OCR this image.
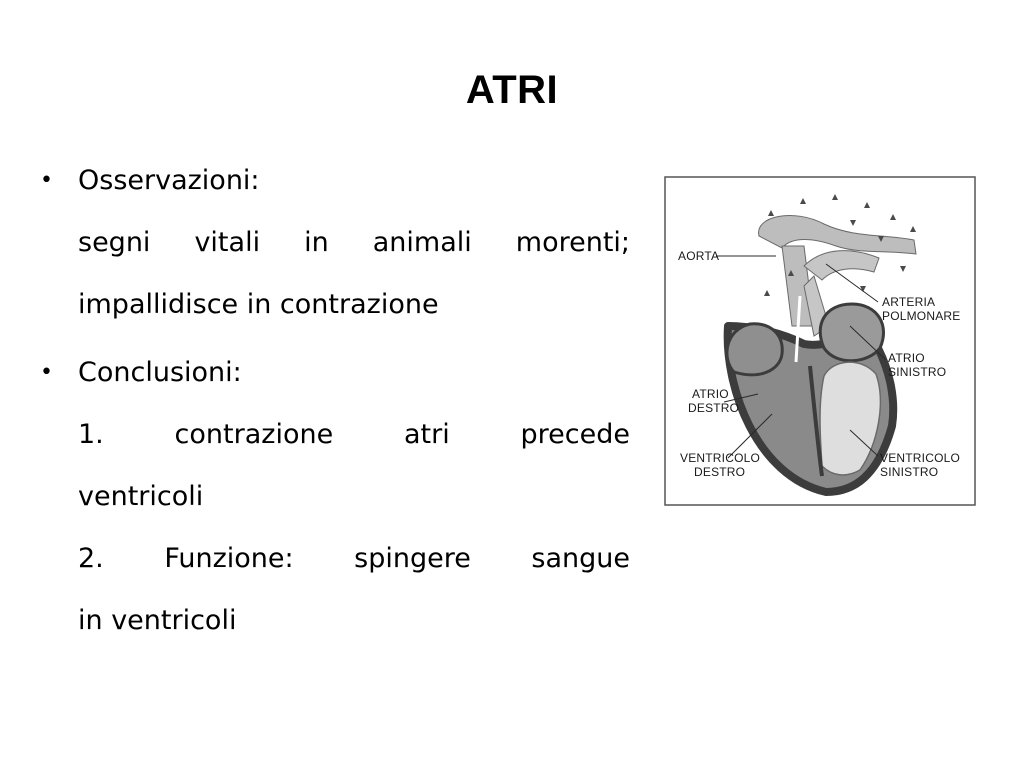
ATRI
• Osservazioni:
segni vitali in animali morenti;
impallidisce in contrazione
• Conclusioni:
1. contrazione atri precede
ventricoli
2. Funzione: spingere sangue
in ventricoli
AORTA
ARTERIA
POLMONARE
ATRIO
SINISTRO
ATRIO
DESTRO
VENTRICOLO
DESTRO
VENTRICOLO
SINISTRO
